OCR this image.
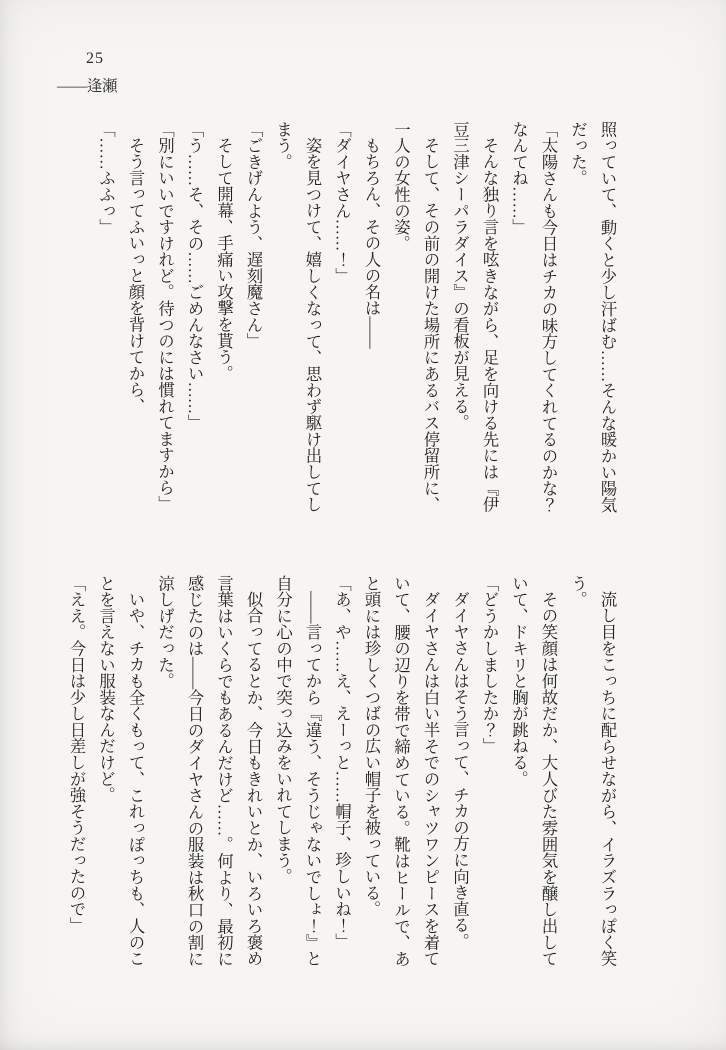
25
――逢瀬

照っていて、動くと少し汗ばむ……そんな暖かい陽気だった。

「太陽さんも今日はチカの味方してくれてるのかな？なんてね……」

そんな独り言を呟きながら、足を向ける先には『伊豆三津シーパラダイス』の看板が見える。

そして、その前の開けた場所にあるバス停留所に、一人の女性の姿。

もちろん、その人の名は——

「ダイヤさん……！」

姿を見つけて、嬉しくなって、思わず駆け出してしまう。

「ごきげんよう、遅刻魔さん」

そして開幕、手痛い攻撃を貰う。

「う……そ、その……ごめんなさい……」

「別にいいですけれど。待つのには慣れてますから」

そう言ってふいっと顔を背けてから、

「……ふふっ」

流し目をこっちに配らせながら、イラズラっぽく笑う。

その笑顔は何故だか、大人びた雰囲気を醸し出していて、ドキリと胸が跳ねる。

「どうかしましたか？」

ダイヤさんはそう言って、チカの方に向き直る。

ダイヤさんは白い半そでのシャツワンピースを着ていて、腰の辺りを帯で締めている。靴はヒールで、あと頭には珍しくつばの広い帽子を被っている。

「あ、や……え、えーっと……帽子、珍しいね！」

——言ってから『違う、そうじゃないでしょ！』と自分に心の中で突っ込みをいれてしまう。

似合ってるとか、今日もきれいとか、いろいろ褒め言葉はいくらでもあるんだけど……。何より、最初に感じたのは——今日のダイヤさんの服装は秋口の割に涼しげだった。

いや、チカも全くもって、これっぽっちも、人のことを言えない服装なんだけど。

「ええ。今日は少し日差しが強そうだったので」
